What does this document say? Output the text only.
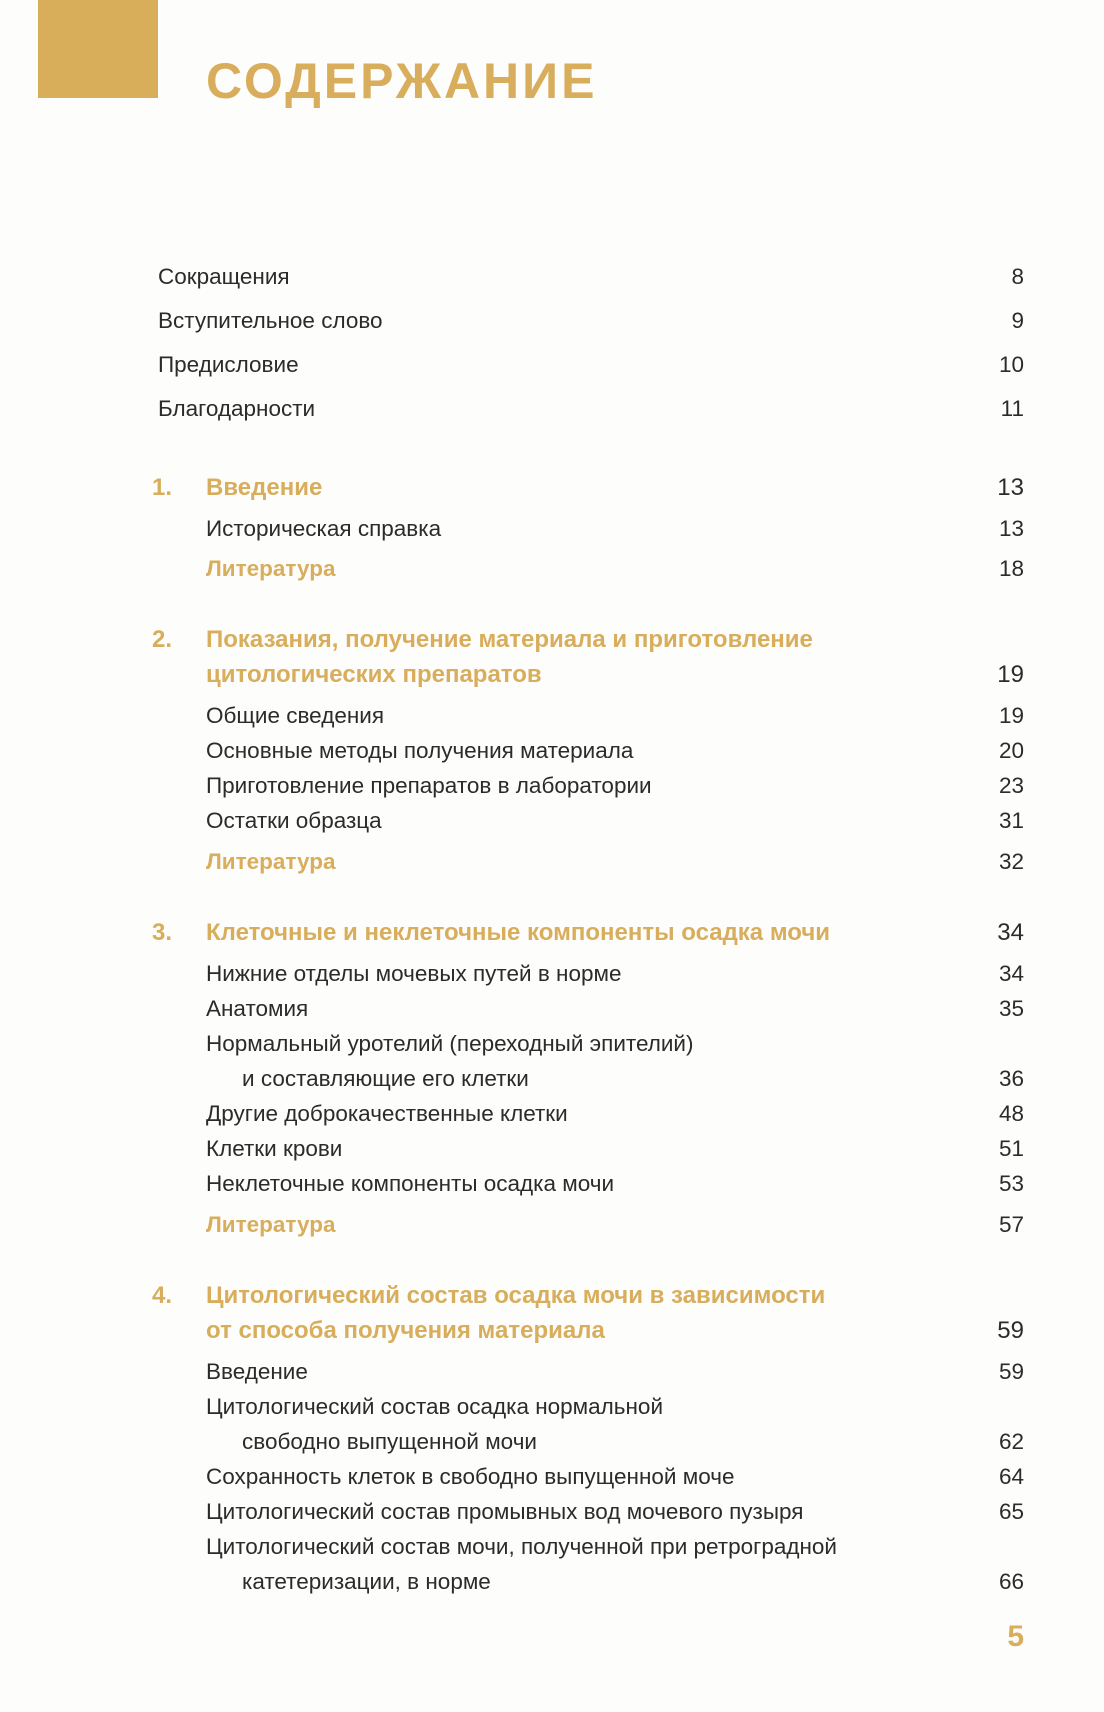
СОДЕРЖАНИЕ
Сокращения	8
Вступительное слово	9
Предисловие	10
Благодарности	11
1. Введение	13
Историческая справка	13
Литература	18
2. Показания, получение материала и приготовление
цитологических препаратов	19
Общие сведения	19
Основные методы получения материала	20
Приготовление препаратов в лаборатории	23
Остатки образца	31
Литература	32
3. Клеточные и неклеточные компоненты осадка мочи	34
Нижние отделы мочевых путей в норме	34
Анатомия	35
Нормальный уротелий (переходный эпителий)
и составляющие его клетки	36
Другие доброкачественные клетки	48
Клетки крови	51
Неклеточные компоненты осадка мочи	53
Литература	57
4. Цитологический состав осадка мочи в зависимости
от способа получения материала	59
Введение	59
Цитологический состав осадка нормальной
свободно выпущенной мочи	62
Сохранность клеток в свободно выпущенной моче	64
Цитологический состав промывных вод мочевого пузыря	65
Цитологический состав мочи, полученной при ретроградной
катетеризации, в норме	66
5
